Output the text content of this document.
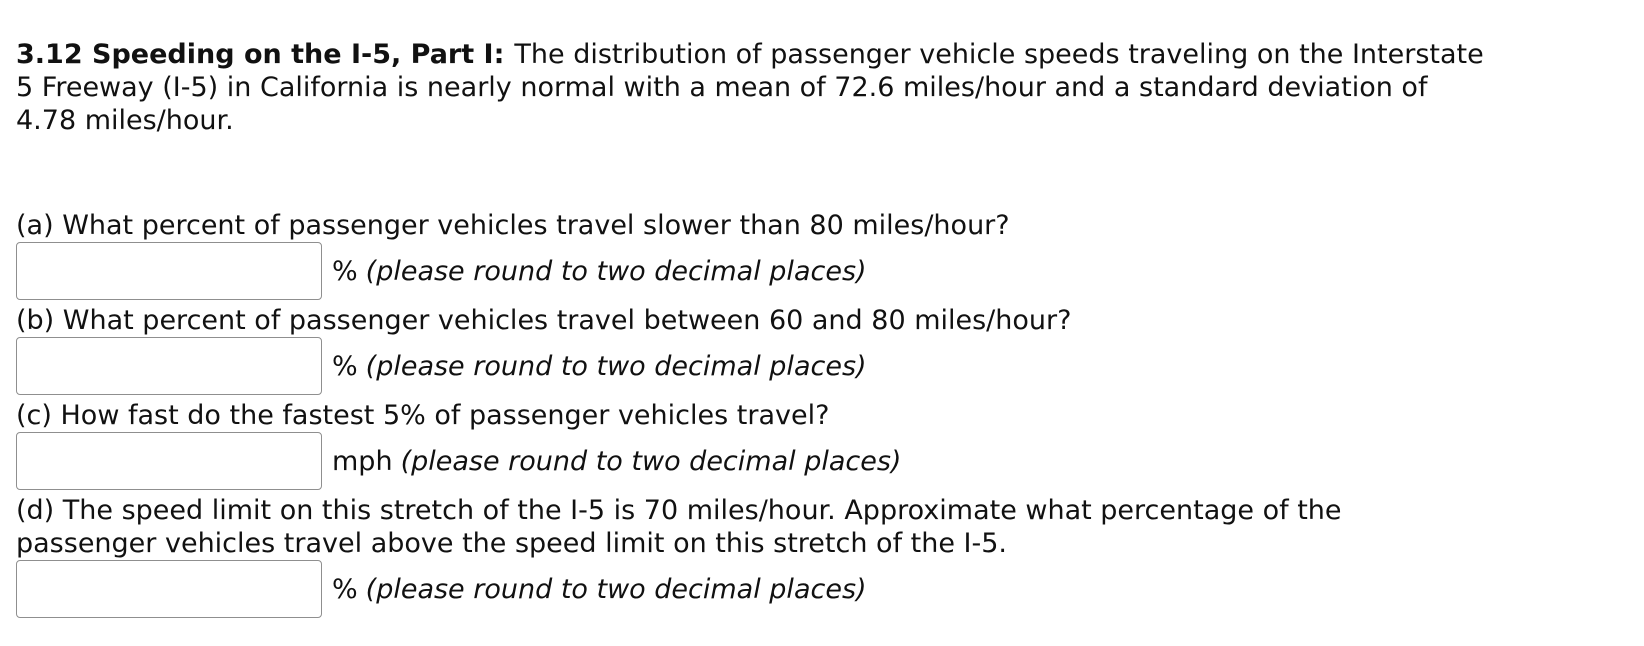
3.12 Speeding on the I-5, Part I: The distribution of passenger vehicle speeds traveling on the Interstate 5 Freeway (I-5) in California is nearly normal with a mean of 72.6 miles/hour and a standard deviation of 4.78 miles/hour.

(a) What percent of passenger vehicles travel slower than 80 miles/hour?

% (please round to two decimal places)

(b) What percent of passenger vehicles travel between 60 and 80 miles/hour?

% (please round to two decimal places)

(c) How fast do the fastest 5% of passenger vehicles travel?

mph (please round to two decimal places)

(d) The speed limit on this stretch of the I-5 is 70 miles/hour. Approximate what percentage of the passenger vehicles travel above the speed limit on this stretch of the I-5.

% (please round to two decimal places)
